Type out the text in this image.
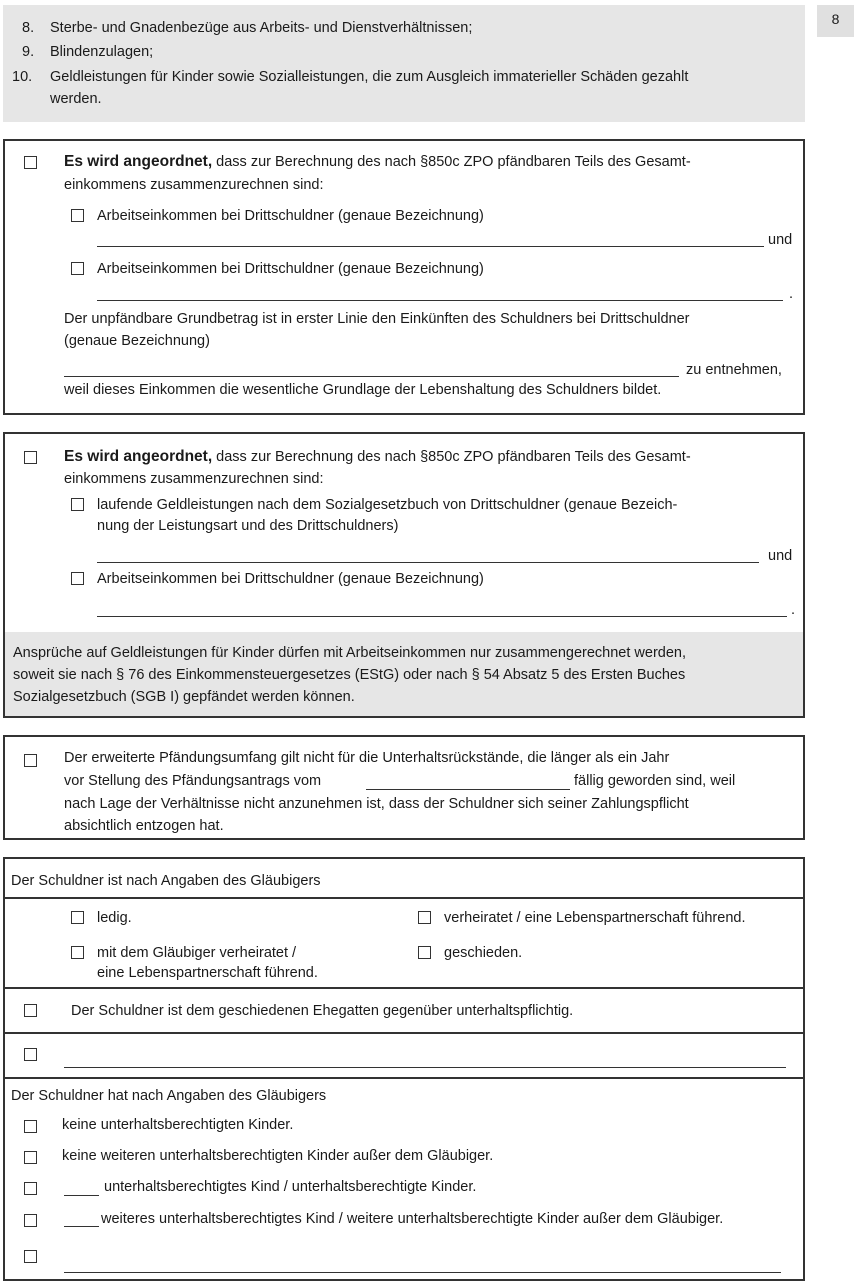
8
8. Sterbe- und Gnadenbezüge aus Arbeits- und Dienstverhältnissen;
9. Blindenzulagen;
10. Geldleistungen für Kinder sowie Sozialleistungen, die zum Ausgleich immaterieller Schäden gezahlt
werden.
Es wird angeordnet, dass zur Berechnung des nach §850c ZPO pfändbaren Teils des Gesamt-
einkommens zusammenzurechnen sind:
Arbeitseinkommen bei Drittschuldner (genaue Bezeichnung)
und
Arbeitseinkommen bei Drittschuldner (genaue Bezeichnung)
.
Der unpfändbare Grundbetrag ist in erster Linie den Einkünften des Schuldners bei Drittschuldner
(genaue Bezeichnung)
zu entnehmen,
weil dieses Einkommen die wesentliche Grundlage der Lebenshaltung des Schuldners bildet.
Es wird angeordnet, dass zur Berechnung des nach §850c ZPO pfändbaren Teils des Gesamt-
einkommens zusammenzurechnen sind:
laufende Geldleistungen nach dem Sozialgesetzbuch von Drittschuldner (genaue Bezeich-
nung der Leistungsart und des Drittschuldners)
und
Arbeitseinkommen bei Drittschuldner (genaue Bezeichnung)
.
Ansprüche auf Geldleistungen für Kinder dürfen mit Arbeitseinkommen nur zusammengerechnet werden,
soweit sie nach § 76 des Einkommensteuergesetzes (EStG) oder nach § 54 Absatz 5 des Ersten Buches
Sozialgesetzbuch (SGB I) gepfändet werden können.
Der erweiterte Pfändungsumfang gilt nicht für die Unterhaltsrückstände, die länger als ein Jahr
vor Stellung des Pfändungsantrags vom	fällig geworden sind, weil
nach Lage der Verhältnisse nicht anzunehmen ist, dass der Schuldner sich seiner Zahlungspflicht
absichtlich entzogen hat.
Der Schuldner ist nach Angaben des Gläubigers
ledig.	verheiratet / eine Lebenspartnerschaft führend.
mit dem Gläubiger verheiratet /
eine Lebenspartnerschaft führend.
geschieden.
Der Schuldner ist dem geschiedenen Ehegatten gegenüber unterhaltspflichtig.
Der Schuldner hat nach Angaben des Gläubigers
keine unterhaltsberechtigten Kinder.
keine weiteren unterhaltsberechtigten Kinder außer dem Gläubiger.
unterhaltsberechtigtes Kind / unterhaltsberechtigte Kinder.
weiteres unterhaltsberechtigtes Kind / weitere unterhaltsberechtigte Kinder außer dem Gläubiger.
